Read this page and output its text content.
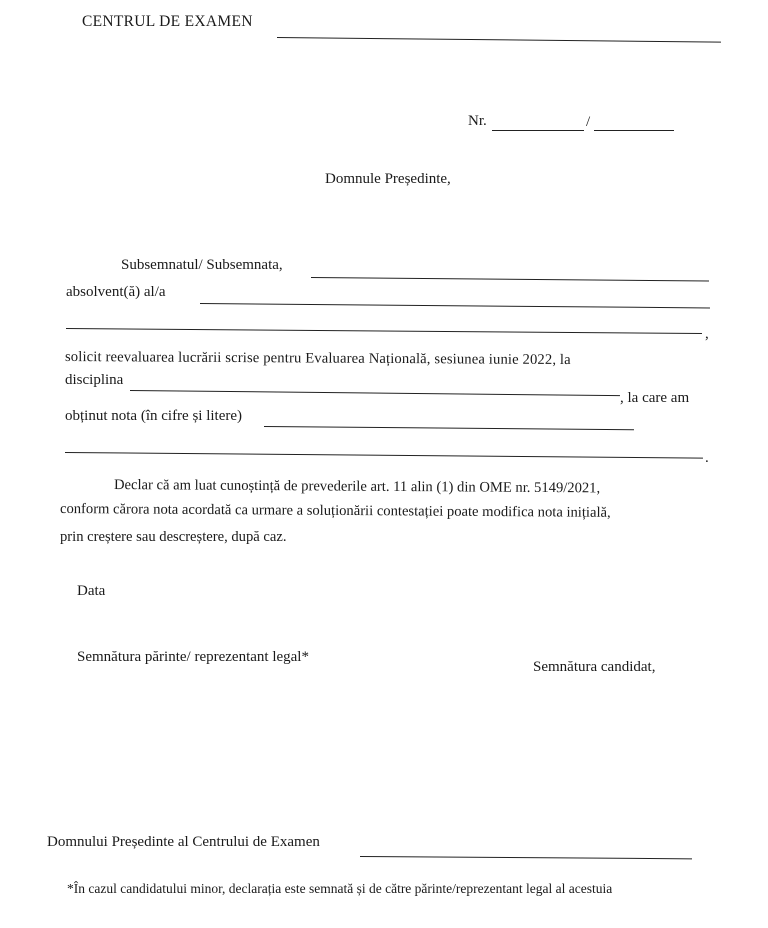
CENTRUL DE EXAMEN
Nr.	/
Domnule Președinte,
Subsemnatul/ Subsemnata,
absolvent(ă) al/a
,
solicit reevaluarea lucrării scrise pentru Evaluarea Națională, sesiunea iunie 2022, la
disciplina
, la care am
obținut nota (în cifre și litere)
.
Declar că am luat cunoștință de prevederile art. 11 alin (1) din OME nr. 5149/2021,
conform cărora nota acordată ca urmare a soluționării contestației poate modifica nota inițială,
prin creștere sau descreștere, după caz.
Data
Semnătura părinte/ reprezentant legal*
Semnătura candidat,
Domnului Președinte al Centrului de Examen
*În cazul candidatului minor, declarația este semnată și de către părinte/reprezentant legal al acestuia
